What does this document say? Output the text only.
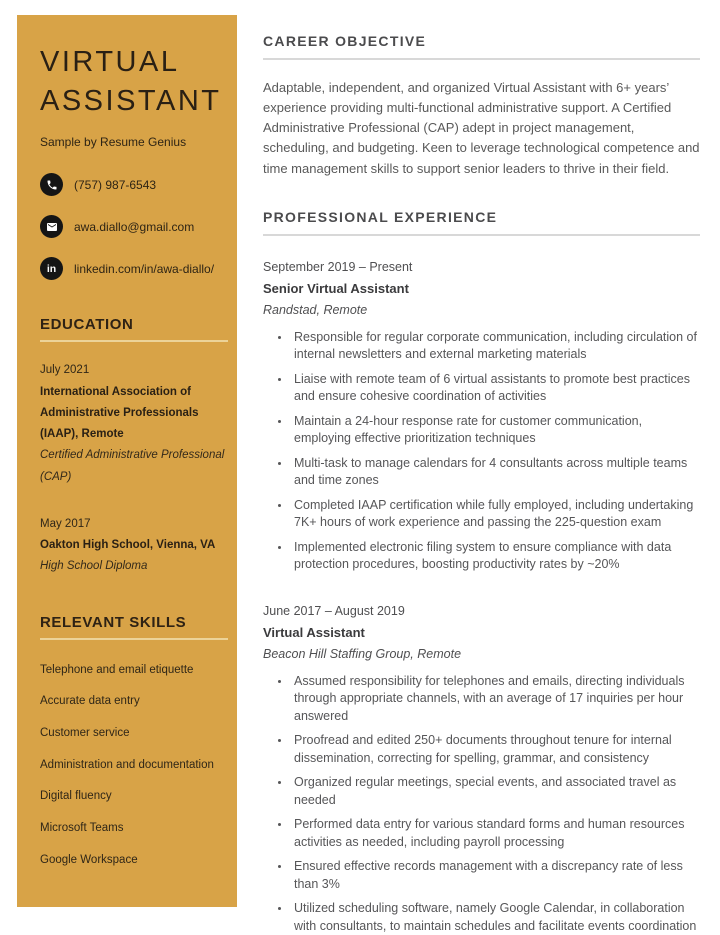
VIRTUAL
ASSISTANT
Sample by Resume Genius
(757) 987-6543
awa.diallo@gmail.com
in linkedin.com/in/awa-diallo/
EDUCATION
July 2021
International Association of Administrative Professionals (IAAP), Remote
Certified Administrative Professional (CAP)
May 2017
Oakton High School, Vienna, VA
High School Diploma
RELEVANT SKILLS
Telephone and email etiquette
Accurate data entry
Customer service
Administration and documentation
Digital fluency
Microsoft Teams
Google Workspace
CAREER OBJECTIVE

Adaptable, independent, and organized Virtual Assistant with 6+ years’ experience providing multi-functional administrative support. A Certified Administrative Professional (CAP) adept in project management, scheduling, and budgeting. Keen to leverage technological competence and time management skills to support senior leaders to thrive in their field.

PROFESSIONAL EXPERIENCE
September 2019 – Present
Senior Virtual Assistant
Randstad, Remote
• Responsible for regular corporate communication, including circulation of internal newsletters and external marketing materials
• Liaise with remote team of 6 virtual assistants to promote best practices and ensure cohesive coordination of activities
• Maintain a 24-hour response rate for customer communication, employing effective prioritization techniques
• Multi-task to manage calendars for 4 consultants across multiple teams and time zones
• Completed IAAP certification while fully employed, including undertaking 7K+ hours of work experience and passing the 225-question exam
• Implemented electronic filing system to ensure compliance with data protection procedures, boosting productivity rates by ~20%
June 2017 – August 2019
Virtual Assistant
Beacon Hill Staffing Group, Remote
• Assumed responsibility for telephones and emails, directing individuals through appropriate channels, with an average of 17 inquiries per hour answered
• Proofread and edited 250+ documents throughout tenure for internal dissemination, correcting for spelling, grammar, and consistency
• Organized regular meetings, special events, and associated travel as needed
• Performed data entry for various standard forms and human resources activities as needed, including payroll processing
• Ensured effective records management with a discrepancy rate of less than 3%
• Utilized scheduling software, namely Google Calendar, in collaboration with consultants, to maintain schedules and facilitate events coordination
